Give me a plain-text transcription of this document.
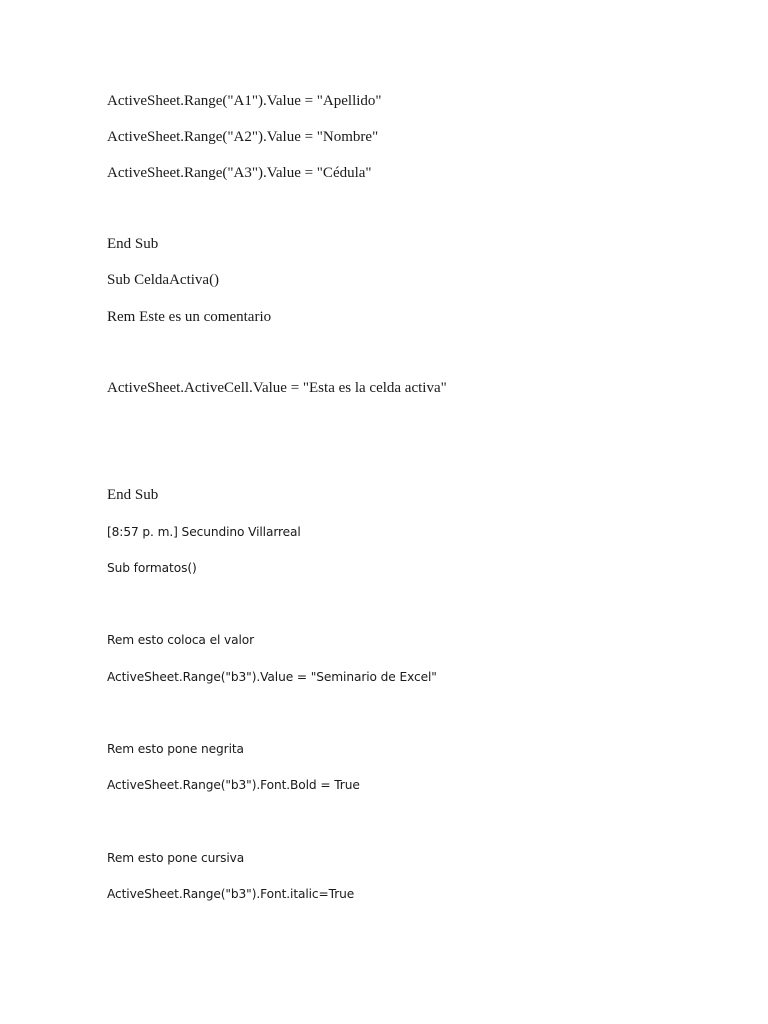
ActiveSheet.Range("A1").Value = "Apellido"
ActiveSheet.Range("A2").Value = "Nombre"
ActiveSheet.Range("A3").Value = "Cédula"
End Sub
Sub CeldaActiva()
Rem Este es un comentario
ActiveSheet.ActiveCell.Value = "Esta es la celda activa"
End Sub
[8:57 p. m.] Secundino Villarreal
Sub formatos()
Rem esto coloca el valor
ActiveSheet.Range("b3").Value = "Seminario de Excel"
Rem esto pone negrita
ActiveSheet.Range("b3").Font.Bold = True
Rem esto pone cursiva
ActiveSheet.Range("b3").Font.italic=True
